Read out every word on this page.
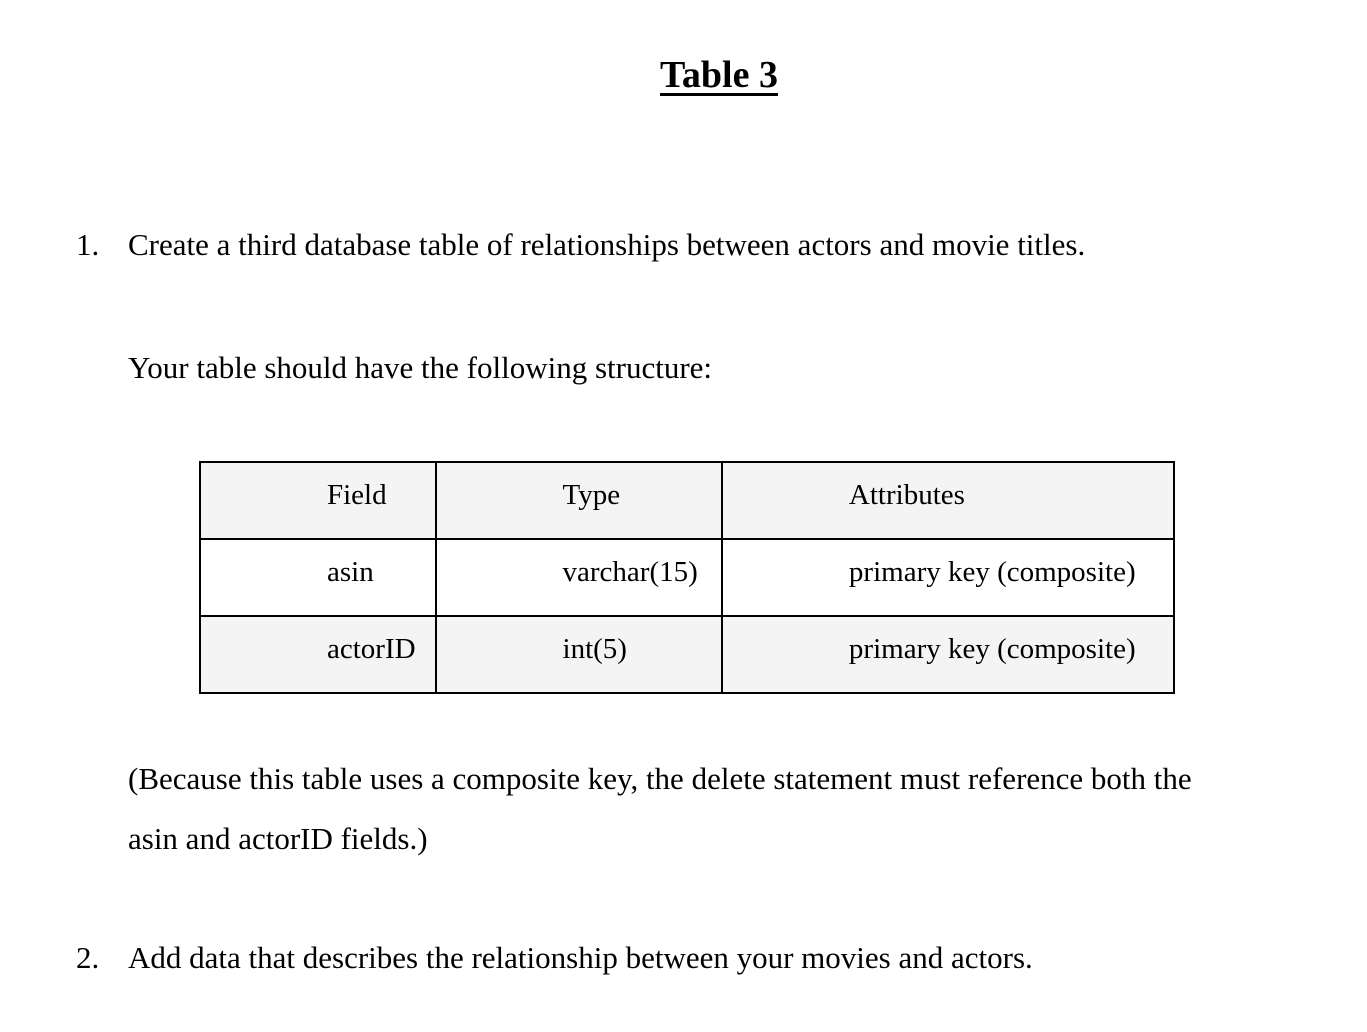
Table 3
1. Create a third database table of relationships between actors and movie titles.
Your table should have the following structure:
Field	Type	Attributes

asin	varchar(15)	primary key (composite)

actorID	int(5)	primary key (composite)
(Because this table uses a composite key, the delete statement must reference both the
asin and actorID fields.)
2. Add data that describes the relationship between your movies and actors.
